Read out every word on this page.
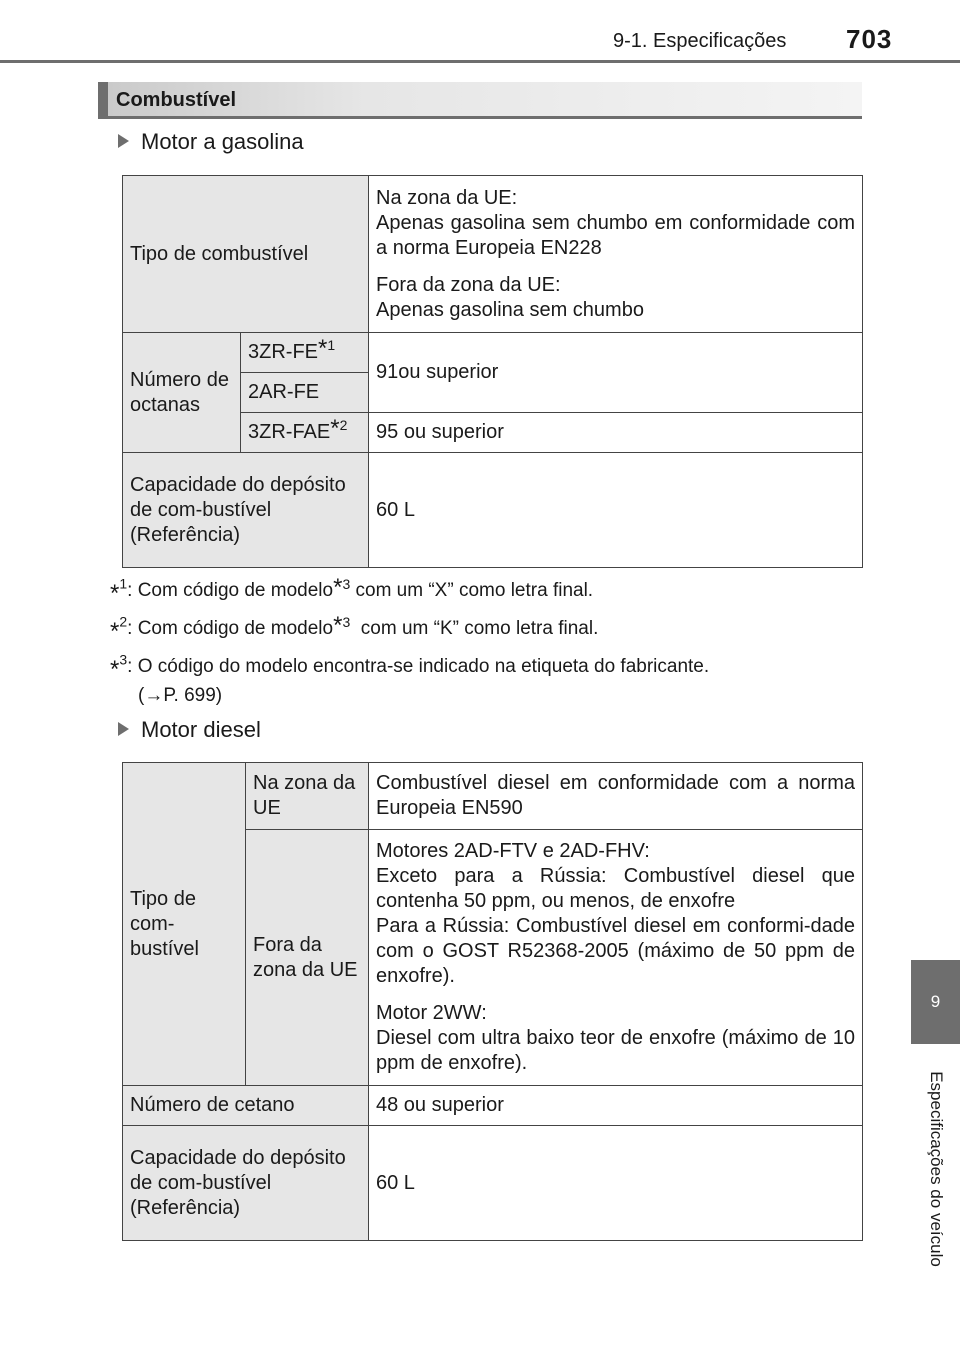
9-1. Especificações 703
9
Especificações do veículo
Combustível
Motor a gasolina
Tipo de combustível		Na zona da UE:
Apenas gasolina sem chumbo em conformidade com a norma Europeia EN228
Fora da zona da UE:
Apenas gasolina sem chumbo

Número de octanas	3ZR-FE$^{*1}$	91ou superior
	2AR-FE	
	3ZR-FAE$^{*2}$	95 ou superior
Capacidade do depósito de com-bustível (Referência)		60 L
*$^1$: Com código de modelo$^{*3}$ com um “X” como letra final.
*$^2$: Com código de modelo$^{*3}$  com um “K” como letra final.
*$^3$: O código do modelo encontra-se indicado na etiqueta do fabricante.
(→P. 699)
Motor diesel
Tipo de com-bustível	Na zona da UE	Combustível diesel em conformidade com a norma Europeia EN590
	Fora da zona da UE	Motores 2AD-FTV e 2AD-FHV:
Exceto para a Rússia: Combustível diesel que contenha 50 ppm, ou menos, de enxofre
Para a Rússia: Combustível diesel em conformi-dade com o GOST R52368-2005 (máximo de 50 ppm de enxofre).
Motor 2WW:
Diesel com ultra baixo teor de enxofre (máximo de 10 ppm de enxofre).

Número de cetano		48 ou superior
Capacidade do depósito de com-bustível (Referência)		60 L
